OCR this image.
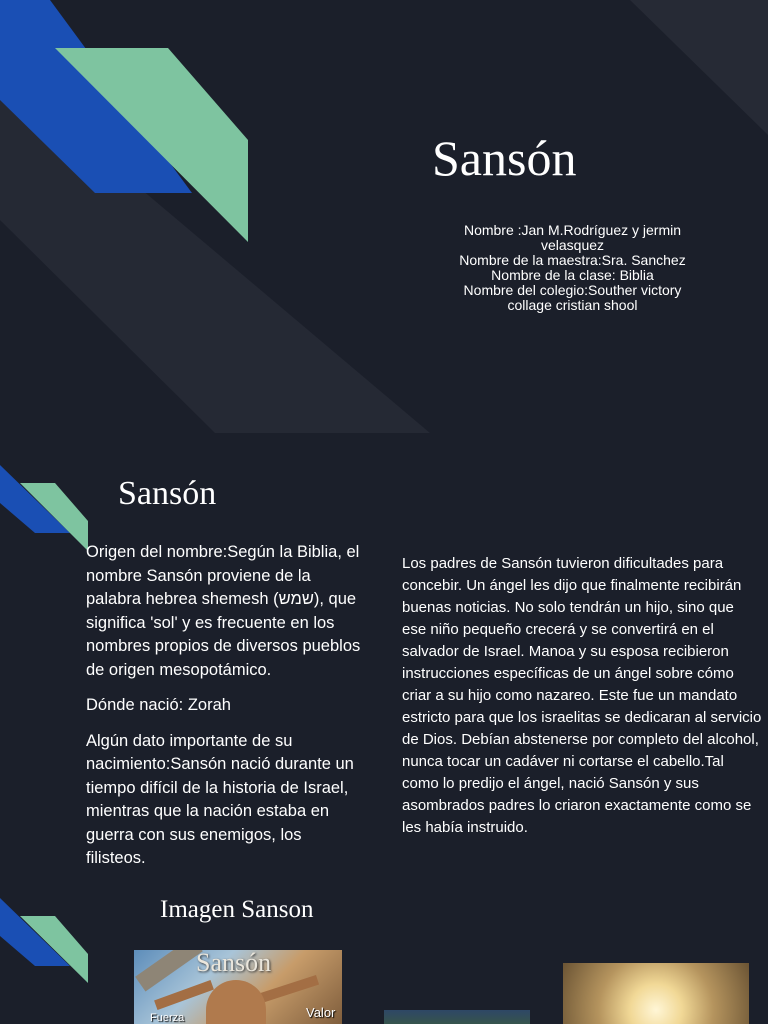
Sansón
Nombre :Jan M.Rodríguez y jermin velasquez
Nombre de la maestra:Sra. Sanchez
Nombre de la clase: Biblia
Nombre del colegio:Souther victory collage cristian shool
Sansón

Origen del nombre:Según la Biblia, el nombre Sansón proviene de la palabra hebrea shemesh (שמש), que significa 'sol' y es frecuente en los nombres propios de diversos pueblos de origen mesopotámico.

Dónde nació: Zorah

Algún dato importante de su nacimiento:Sansón nació durante un tiempo difícil de la historia de Israel, mientras que la nación estaba en guerra con sus enemigos, los filisteos.

Los padres de Sansón tuvieron dificultades para concebir. Un ángel les dijo que finalmente recibirán buenas noticias. No solo tendrán un hijo, sino que ese niño pequeño crecerá y se convertirá en el salvador de Israel. Manoa y su esposa recibieron instrucciones específicas de un ángel sobre cómo criar a su hijo como nazareo. Este fue un mandato estricto para que los israelitas se dedicaran al servicio de Dios. Debían abstenerse por completo del alcohol, nunca tocar un cadáver ni cortarse el cabello.Tal como lo predijo el ángel, nació Sansón y sus asombrados padres lo criaron exactamente como se les había instruido.

Imagen Sanson
Sansón
Fuerza	Valor
